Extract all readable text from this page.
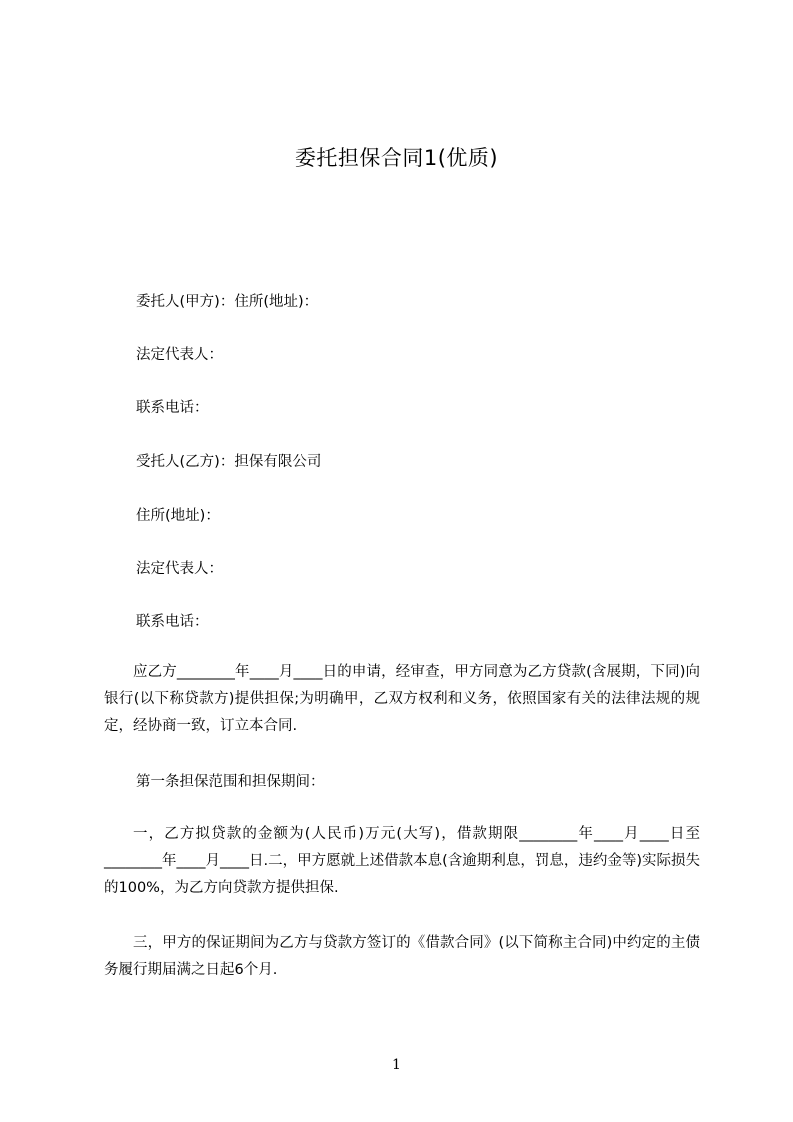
委托担保合同1(优质)
委托人(甲方)：住所(地址)：
法定代表人：
联系电话：
受托人(乙方)：担保有限公司
住所(地址)：
法定代表人：
联系电话：

应乙方________年____月____日的申请，经审查，甲方同意为乙方贷款(含展期，下同)向银行(以下称贷款方)提供担保;为明确甲，乙双方权利和义务，依照国家有关的法律法规的规定，经协商一致，订立本合同.

第一条担保范围和担保期间：

一，乙方拟贷款的金额为(人民币)万元(大写)，借款期限________年____月____日至________年____月____日.二，甲方愿就上述借款本息(含逾期利息，罚息，违约金等)实际损失的100%，为乙方向贷款方提供担保.

三，甲方的保证期间为乙方与贷款方签订的《借款合同》(以下简称主合同)中约定的主债务履行期届满之日起6个月.

1
